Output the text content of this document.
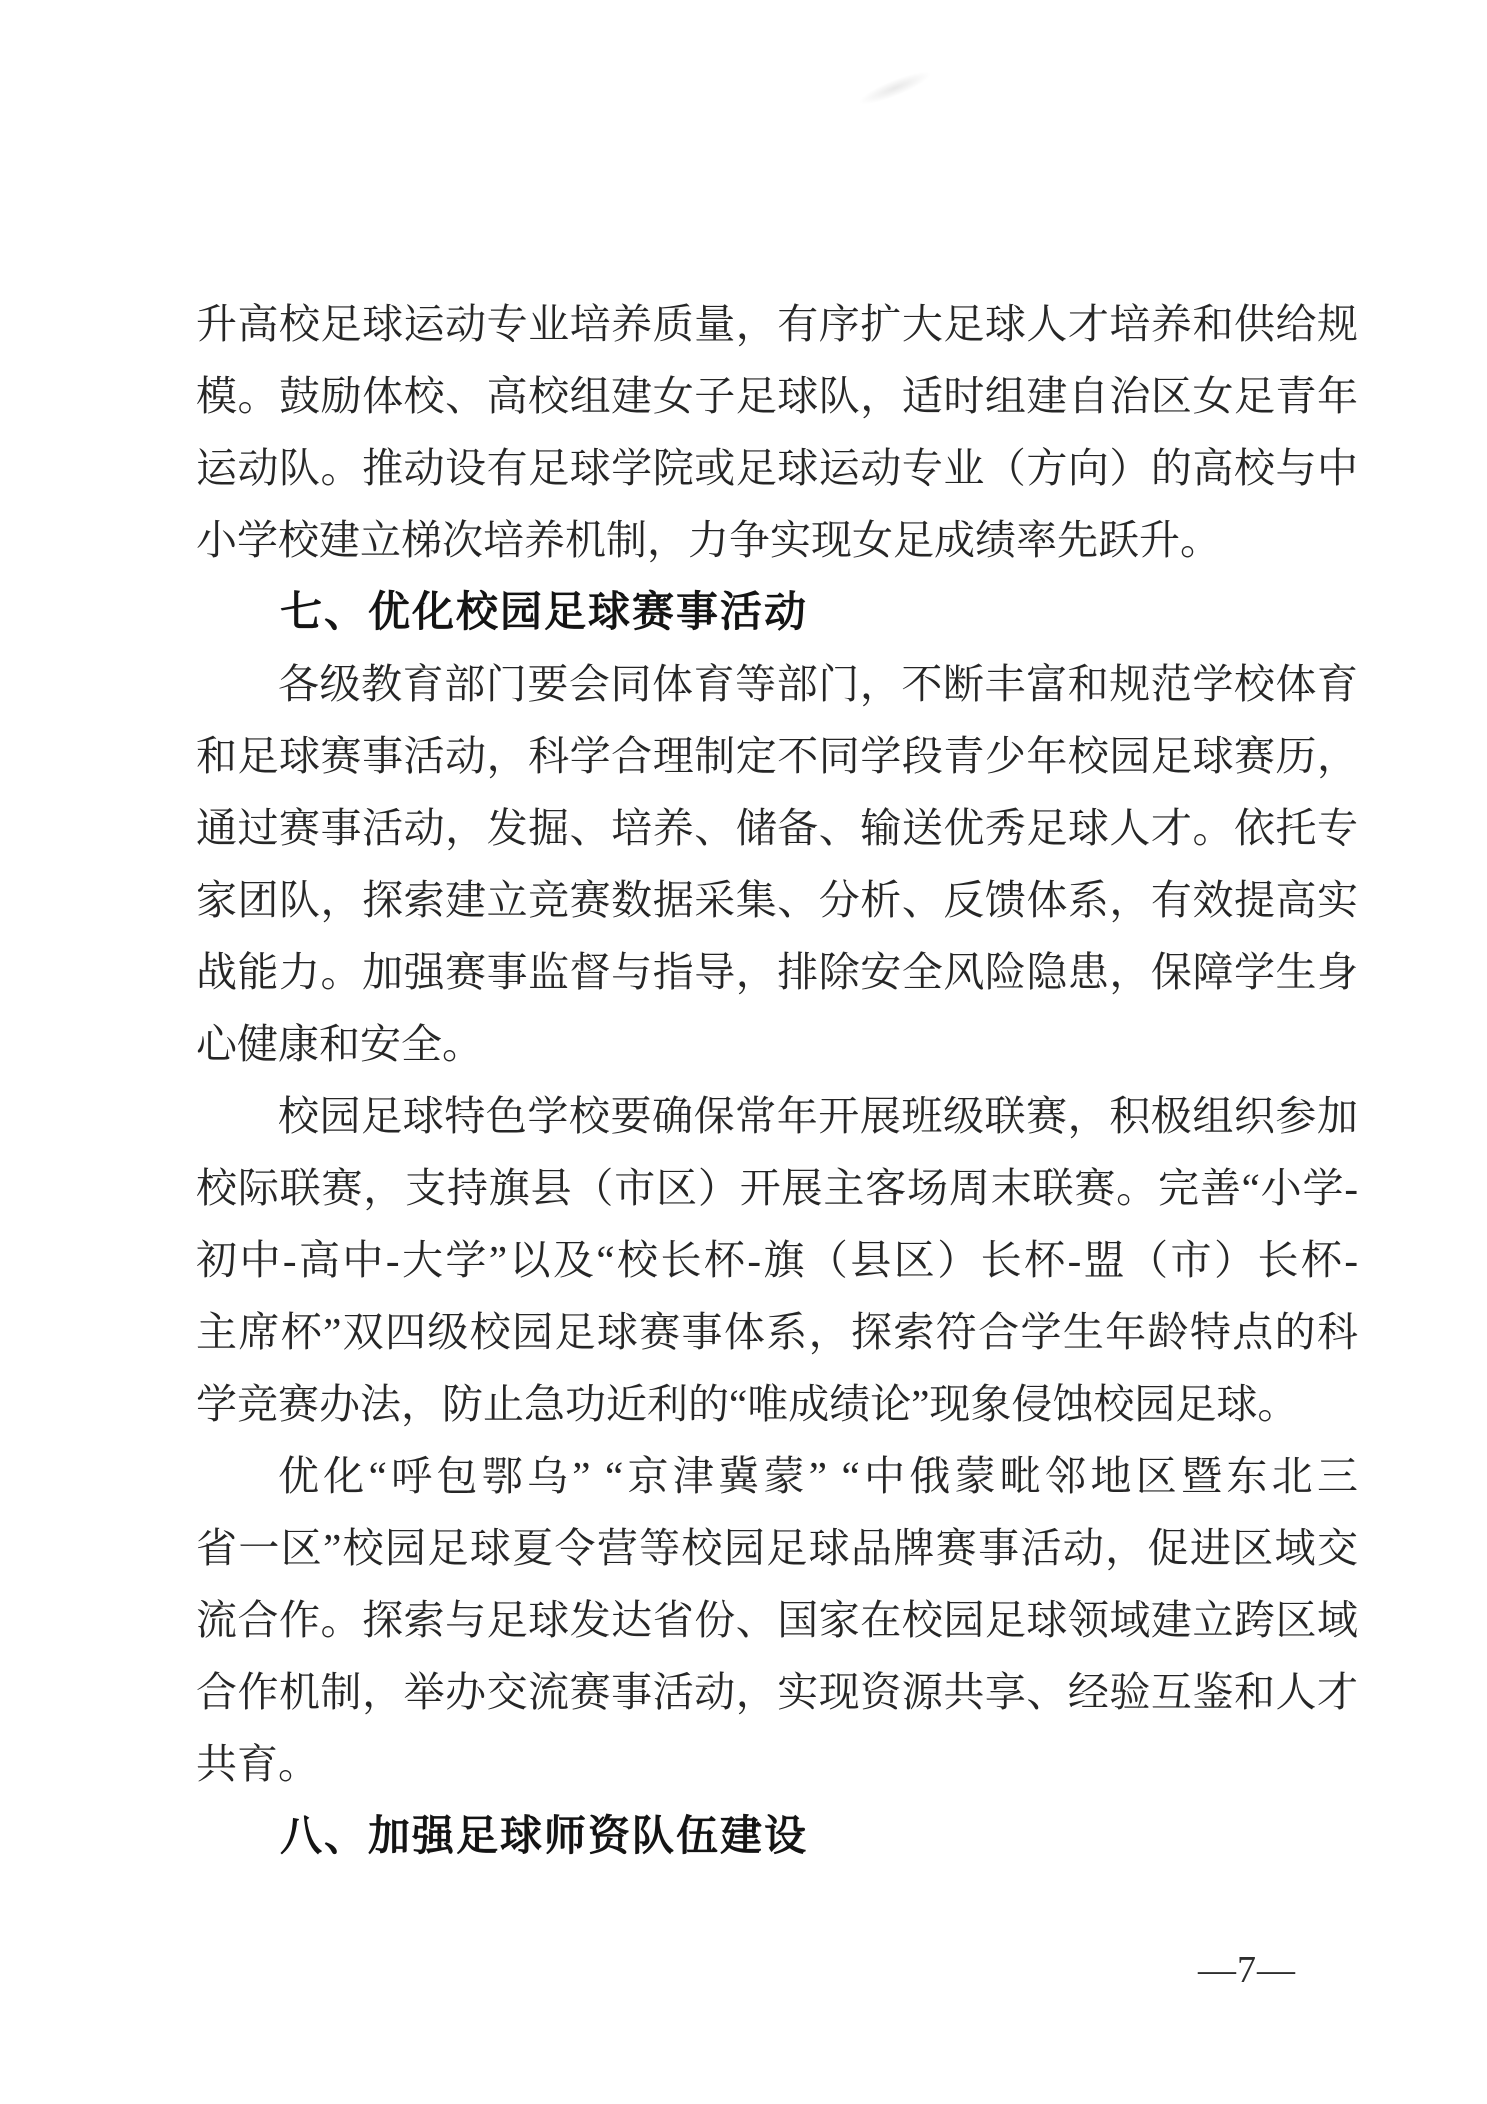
升高校足球运动专业培养质量，有序扩大足球人才培养和供给规
模。鼓励体校、高校组建女子足球队，适时组建自治区女足青年
运动队。推动设有足球学院或足球运动专业（方向）的高校与中
小学校建立梯次培养机制，力争实现女足成绩率先跃升。
七、优化校园足球赛事活动
各级教育部门要会同体育等部门，不断丰富和规范学校体育
和足球赛事活动，科学合理制定不同学段青少年校园足球赛历，
通过赛事活动，发掘、培养、储备、输送优秀足球人才。依托专
家团队，探索建立竞赛数据采集、分析、反馈体系，有效提高实
战能力。加强赛事监督与指导，排除安全风险隐患，保障学生身
心健康和安全。
校园足球特色学校要确保常年开展班级联赛，积极组织参加
校际联赛，支持旗县（市区）开展主客场周末联赛。完善“小学-
初中-高中-大学”以及“校长杯-旗（县区）长杯-盟（市）长杯-
主席杯”双四级校园足球赛事体系，探索符合学生年龄特点的科
学竞赛办法，防止急功近利的“唯成绩论”现象侵蚀校园足球。
优化“呼包鄂乌” “京津冀蒙” “中俄蒙毗邻地区暨东北三
省一区”校园足球夏令营等校园足球品牌赛事活动，促进区域交
流合作。探索与足球发达省份、国家在校园足球领域建立跨区域
合作机制，举办交流赛事活动，实现资源共享、经验互鉴和人才
共育。
八、加强足球师资队伍建设
—7—
